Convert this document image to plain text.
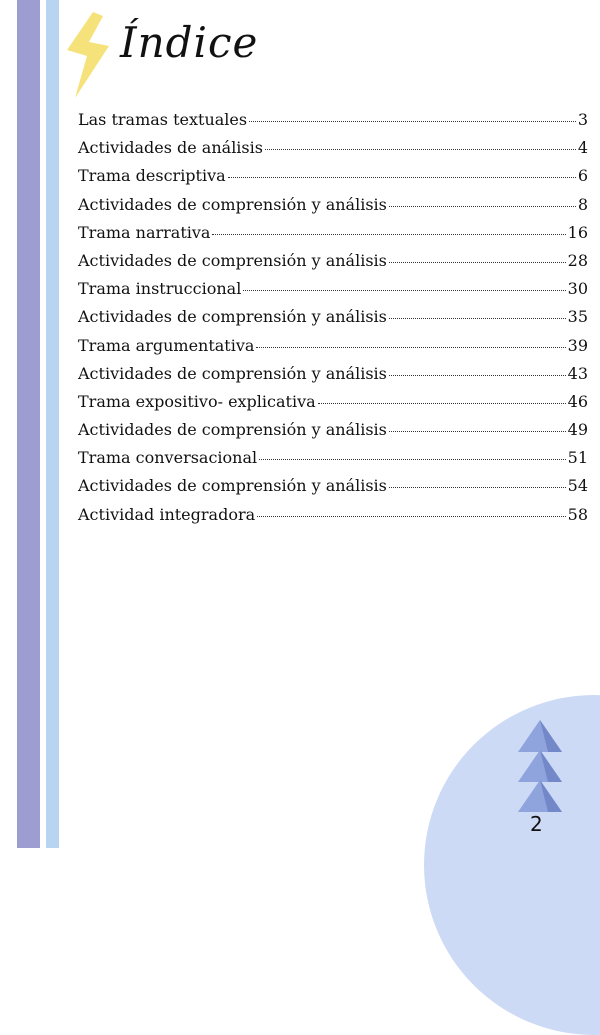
Índice
Las tramas textuales	3
Actividades de análisis	4
Trama descriptiva	6
Actividades de comprensión y análisis	8
Trama narrativa	16
Actividades de comprensión y análisis	28
Trama instruccional	30
Actividades de comprensión y análisis	35
Trama argumentativa	39
Actividades de comprensión y análisis	43
Trama expositivo- explicativa	46
Actividades de comprensión y análisis	49
Trama conversacional	51
Actividades de comprensión y análisis	54
Actividad integradora	58
2
